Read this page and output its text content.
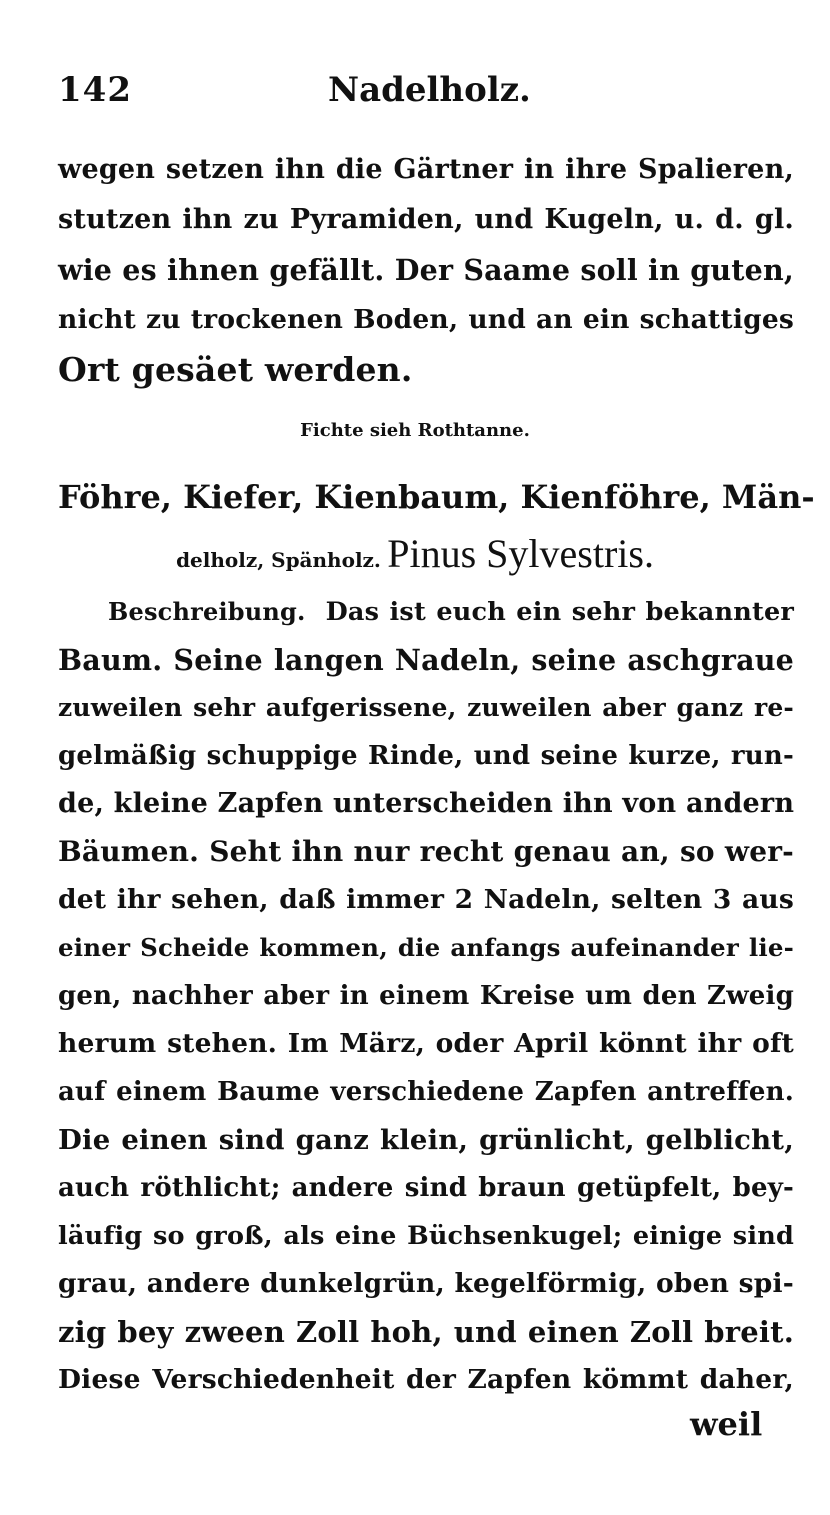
142	Nadelholz.
wegen setzen ihn die Gärtner in ihre Spalieren,
stutzen ihn zu Pyramiden, und Kugeln, u. d. gl.
wie es ihnen gefällt. Der Saame soll in guten,
nicht zu trockenen Boden, und an ein schattiges
Ort gesäet werden.
Fichte sieh Rothtanne.
Föhre, Kiefer, Kienbaum, Kienföhre, Män-
delholz, Spänholz. Pinus Sylvestris.
Beschreibung. Das ist euch ein sehr bekannter
Baum. Seine langen Nadeln, seine aschgraue
zuweilen sehr aufgerissene, zuweilen aber ganz re-
gelmäßig schuppige Rinde, und seine kurze, run-
de, kleine Zapfen unterscheiden ihn von andern
Bäumen. Seht ihn nur recht genau an, so wer-
det ihr sehen, daß immer 2 Nadeln, selten 3 aus
einer Scheide kommen, die anfangs aufeinander lie-
gen, nachher aber in einem Kreise um den Zweig
herum stehen. Im März, oder April könnt ihr oft
auf einem Baume verschiedene Zapfen antreffen.
Die einen sind ganz klein, grünlicht, gelblicht,
auch röthlicht; andere sind braun getüpfelt, bey-
läufig so groß, als eine Büchsenkugel; einige sind
grau, andere dunkelgrün, kegelförmig, oben spi-
zig bey zween Zoll hoh, und einen Zoll breit.
Diese Verschiedenheit der Zapfen kömmt daher,
weil
